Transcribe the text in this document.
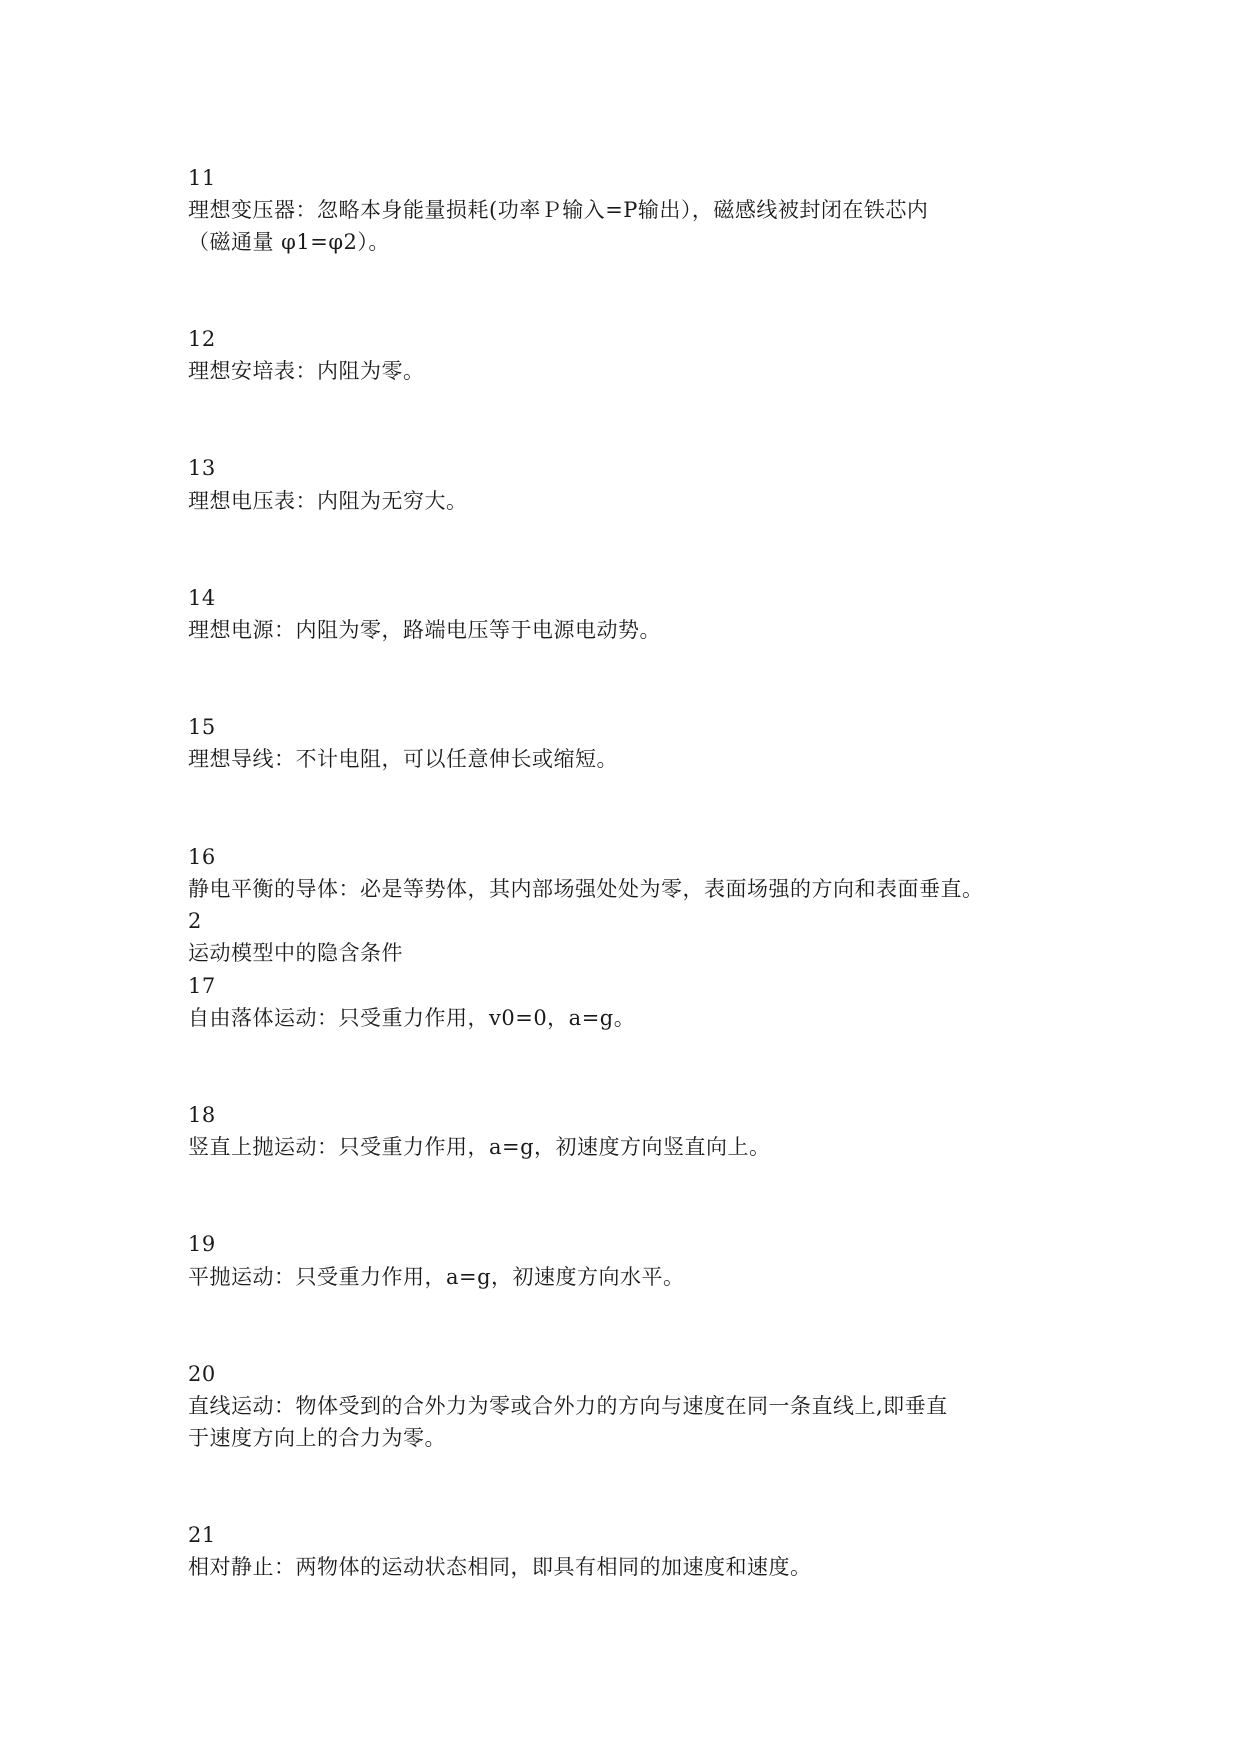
11
理想变压器：忽略本身能量损耗(功率Ｐ输入=P输出），磁感线被封闭在铁芯内
（磁通量 φ1=φ2）。
12
理想安培表：内阻为零。
13
理想电压表：内阻为无穷大。
14
理想电源：内阻为零，路端电压等于电源电动势。
15
理想导线：不计电阻，可以任意伸长或缩短。
16
静电平衡的导体：必是等势体，其内部场强处处为零，表面场强的方向和表面垂直。
2
运动模型中的隐含条件
17
自由落体运动：只受重力作用，v0=0，a=g。
18
竖直上抛运动：只受重力作用，a=g，初速度方向竖直向上。
19
平抛运动：只受重力作用，a=g，初速度方向水平。
20
直线运动：物体受到的合外力为零或合外力的方向与速度在同一条直线上,即垂直
于速度方向上的合力为零。
21
相对静止：两物体的运动状态相同，即具有相同的加速度和速度。
